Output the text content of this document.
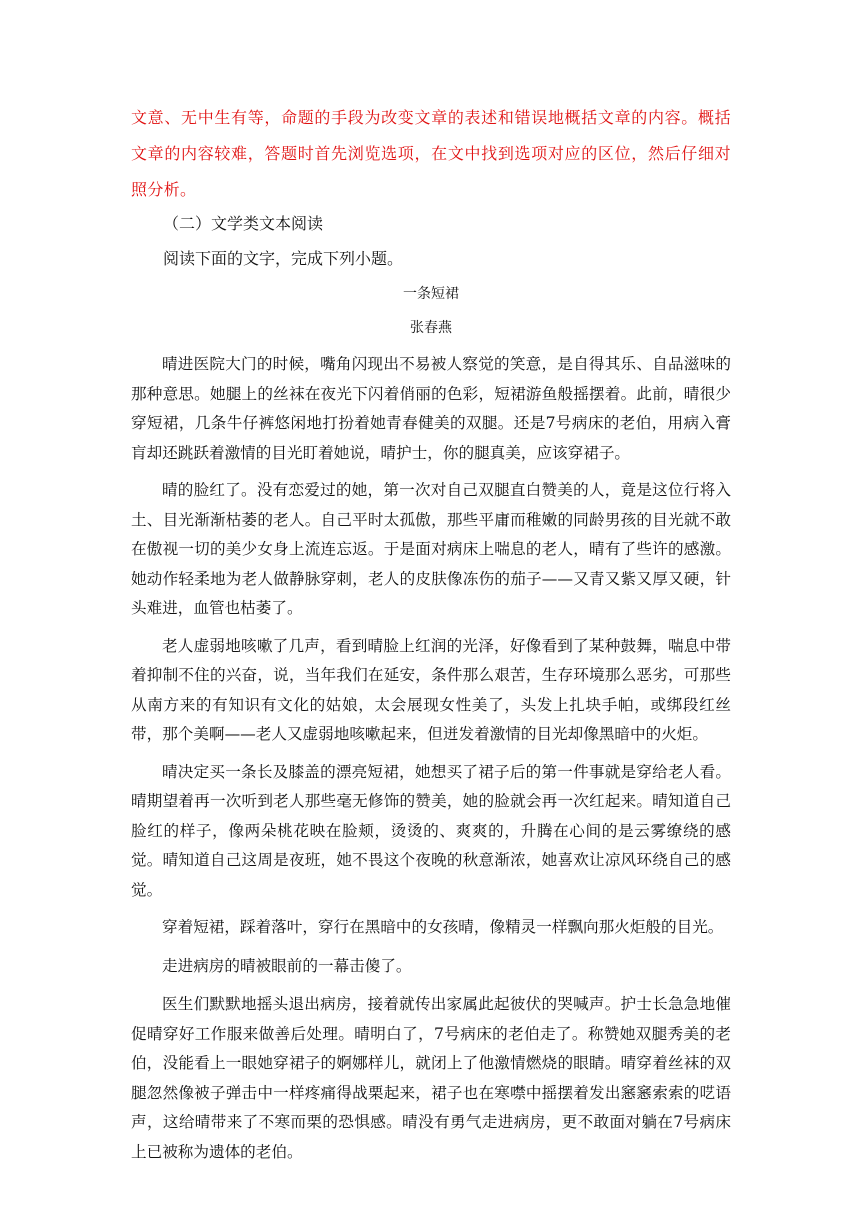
文意、无中生有等，命题的手段为改变文章的表述和错误地概括文章的内容。概括文章的内容较难，答题时首先浏览选项，在文中找到选项对应的区位，然后仔细对照分析。

（二）文学类文本阅读

阅读下面的文字，完成下列小题。

一条短裙

张春燕

晴进医院大门的时候，嘴角闪现出不易被人察觉的笑意，是自得其乐、自品滋味的那种意思。她腿上的丝袜在夜光下闪着俏丽的色彩，短裙游鱼般摇摆着。此前，晴很少穿短裙，几条牛仔裤悠闲地打扮着她青春健美的双腿。还是7号病床的老伯，用病入膏肓却还跳跃着激情的目光盯着她说，晴护士，你的腿真美，应该穿裙子。

晴的脸红了。没有恋爱过的她，第一次对自己双腿直白赞美的人，竟是这位行将入土、目光渐渐枯萎的老人。自己平时太孤傲，那些平庸而稚嫩的同龄男孩的目光就不敢在傲视一切的美少女身上流连忘返。于是面对病床上喘息的老人，晴有了些许的感激。她动作轻柔地为老人做静脉穿刺，老人的皮肤像冻伤的茄子——又青又紫又厚又硬，针头难进，血管也枯萎了。

老人虚弱地咳嗽了几声，看到晴脸上红润的光泽，好像看到了某种鼓舞，喘息中带着抑制不住的兴奋，说，当年我们在延安，条件那么艰苦，生存环境那么恶劣，可那些从南方来的有知识有文化的姑娘，太会展现女性美了，头发上扎块手帕，或绑段红丝带，那个美啊——老人又虚弱地咳嗽起来，但迸发着激情的目光却像黑暗中的火炬。

晴决定买一条长及膝盖的漂亮短裙，她想买了裙子后的第一件事就是穿给老人看。晴期望着再一次听到老人那些毫无修饰的赞美，她的脸就会再一次红起来。晴知道自己脸红的样子，像两朵桃花映在脸颊，烫烫的、爽爽的，升腾在心间的是云雾缭绕的感觉。晴知道自己这周是夜班，她不畏这个夜晚的秋意渐浓，她喜欢让凉风环绕自己的感觉。

穿着短裙，踩着落叶，穿行在黑暗中的女孩晴，像精灵一样飘向那火炬般的目光。

走进病房的晴被眼前的一幕击傻了。

医生们默默地摇头退出病房，接着就传出家属此起彼伏的哭喊声。护士长急急地催促晴穿好工作服来做善后处理。晴明白了，7号病床的老伯走了。称赞她双腿秀美的老伯，没能看上一眼她穿裙子的婀娜样儿，就闭上了他激情燃烧的眼睛。晴穿着丝袜的双腿忽然像被子弹击中一样疼痛得战栗起来，裙子也在寒噤中摇摆着发出窸窸索索的呓语声，这给晴带来了不寒而栗的恐惧感。晴没有勇气走进病房，更不敢面对躺在7号病床上已被称为遗体的老伯。
